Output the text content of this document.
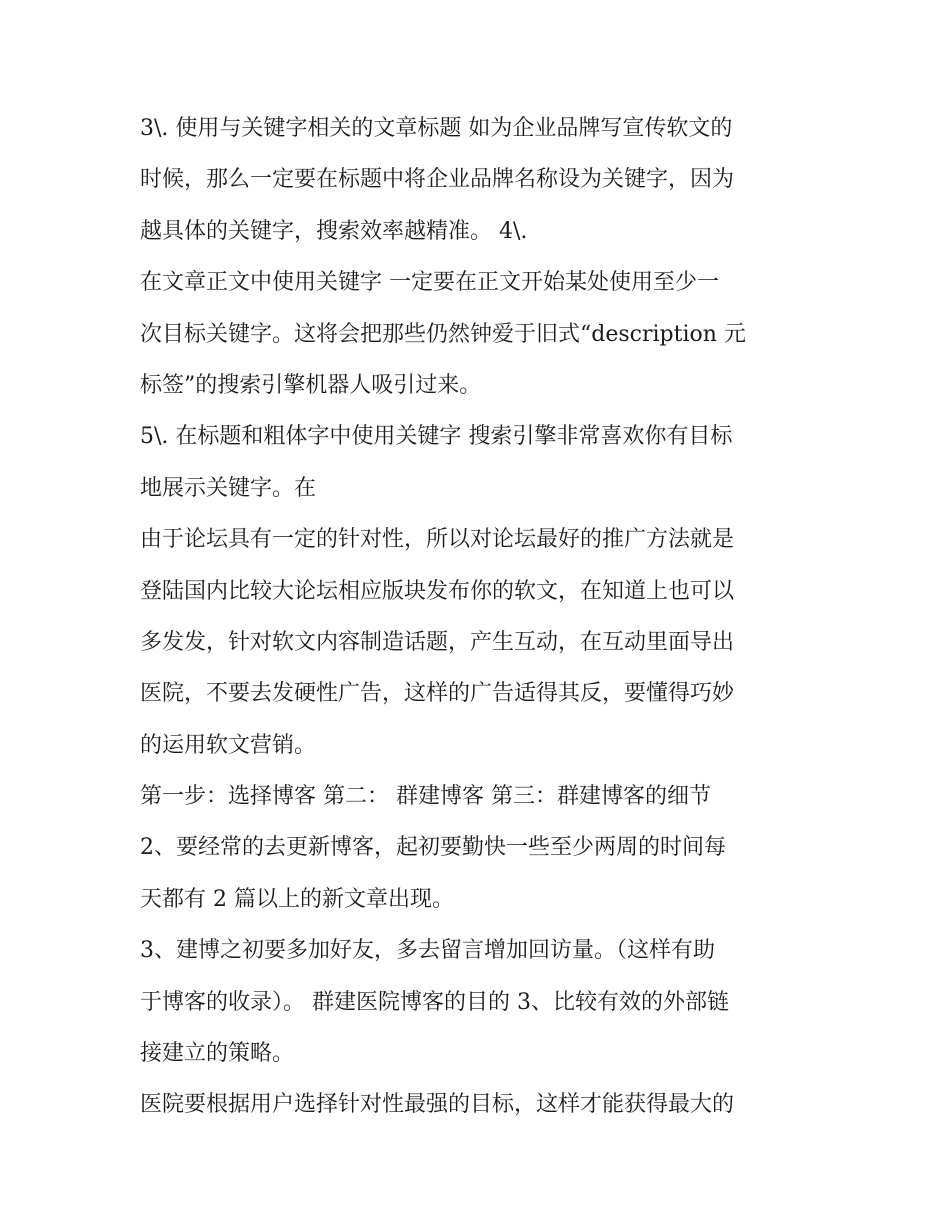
3\. 使用与关键字相关的文章标题 如为企业品牌写宣传软文的
时候，那么一定要在标题中将企业品牌名称设为关键字，因为
越具体的关键字，搜索效率越精准。 4\.
在文章正文中使用关键字 一定要在正文开始某处使用至少一
次目标关键字。这将会把那些仍然钟爱于旧式“description 元
标签”的搜索引擎机器人吸引过来。
5\. 在标题和粗体字中使用关键字 搜索引擎非常喜欢你有目标
地展示关键字。在
由于论坛具有一定的针对性，所以对论坛最好的推广方法就是
登陆国内比较大论坛相应版块发布你的软文，在知道上也可以
多发发，针对软文内容制造话题，产生互动，在互动里面导出
医院，不要去发硬性广告，这样的广告适得其反，要懂得巧妙
的运用软文营销。
第一步：选择博客 第二： 群建博客 第三：群建博客的细节
2、要经常的去更新博客，起初要勤快一些至少两周的时间每
天都有 2 篇以上的新文章出现。
3、建博之初要多加好友，多去留言增加回访量。（这样有助
于博客的收录）。 群建医院博客的目的 3、比较有效的外部链
接建立的策略。
医院要根据用户选择针对性最强的目标，这样才能获得最大的
